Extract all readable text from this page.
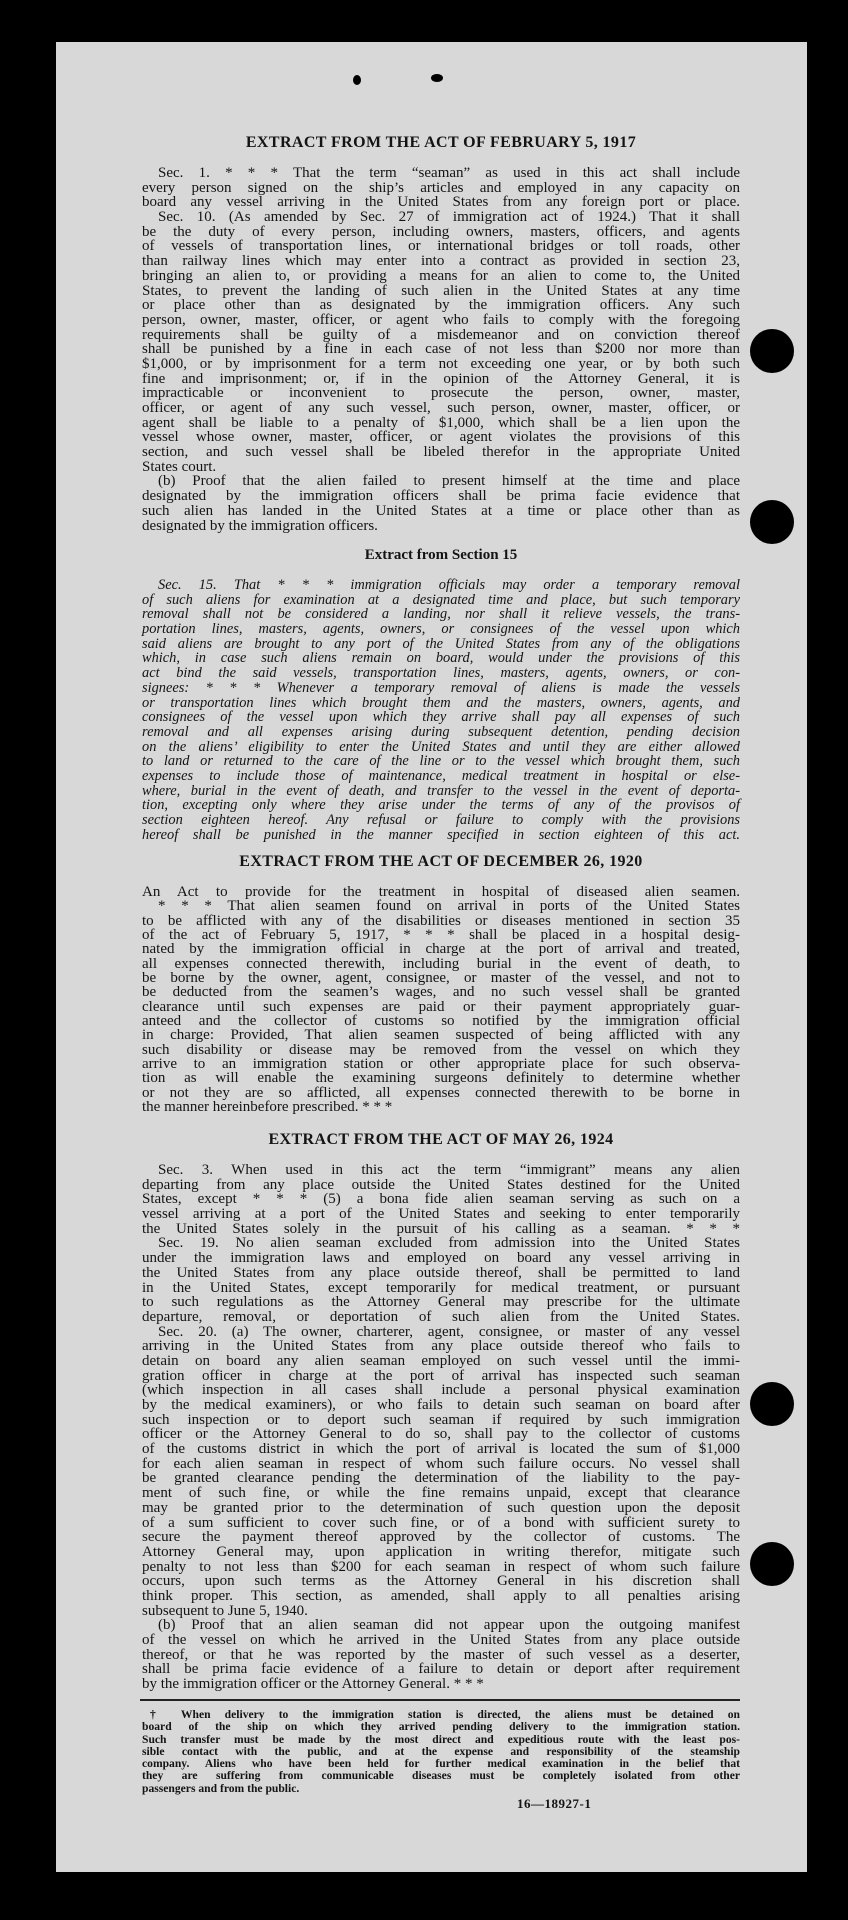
EXTRACT FROM THE ACT OF FEBRUARY 5, 1917
Sec. 1. * * * That the term “seaman” as used in this act shall include
every person signed on the ship’s articles and employed in any capacity on
board any vessel arriving in the United States from any foreign port or place.
Sec. 10. (As amended by Sec. 27 of immigration act of 1924.) That it shall
be the duty of every person, including owners, masters, officers, and agents
of vessels of transportation lines, or international bridges or toll roads, other
than railway lines which may enter into a contract as provided in section 23,
bringing an alien to, or providing a means for an alien to come to, the United
States, to prevent the landing of such alien in the United States at any time
or place other than as designated by the immigration officers. Any such
person, owner, master, officer, or agent who fails to comply with the foregoing
requirements shall be guilty of a misdemeanor and on conviction thereof
shall be punished by a fine in each case of not less than $200 nor more than
$1,000, or by imprisonment for a term not exceeding one year, or by both such
fine and imprisonment; or, if in the opinion of the Attorney General, it is
impracticable or inconvenient to prosecute the person, owner, master,
officer, or agent of any such vessel, such person, owner, master, officer, or
agent shall be liable to a penalty of $1,000, which shall be a lien upon the
vessel whose owner, master, officer, or agent violates the provisions of this
section, and such vessel shall be libeled therefor in the appropriate United
States court.
(b) Proof that the alien failed to present himself at the time and place
designated by the immigration officers shall be prima facie evidence that
such alien has landed in the United States at a time or place other than as
designated by the immigration officers.
Extract from Section 15
Sec. 15. That * * * immigration officials may order a temporary removal
of such aliens for examination at a designated time and place, but such temporary
removal shall not be considered a landing, nor shall it relieve vessels, the trans-
portation lines, masters, agents, owners, or consignees of the vessel upon which
said aliens are brought to any port of the United States from any of the obligations
which, in case such aliens remain on board, would under the provisions of this
act bind the said vessels, transportation lines, masters, agents, owners, or con-
signees: * * * Whenever a temporary removal of aliens is made the vessels
or transportation lines which brought them and the masters, owners, agents, and
consignees of the vessel upon which they arrive shall pay all expenses of such
removal and all expenses arising during subsequent detention, pending decision
on the aliens’ eligibility to enter the United States and until they are either allowed
to land or returned to the care of the line or to the vessel which brought them, such
expenses to include those of maintenance, medical treatment in hospital or else-
where, burial in the event of death, and transfer to the vessel in the event of deporta-
tion, excepting only where they arise under the terms of any of the provisos of
section eighteen hereof. Any refusal or failure to comply with the provisions
hereof shall be punished in the manner specified in section eighteen of this act.
EXTRACT FROM THE ACT OF DECEMBER 26, 1920
An Act to provide for the treatment in hospital of diseased alien seamen.
* * * That alien seamen found on arrival in ports of the United States
to be afflicted with any of the disabilities or diseases mentioned in section 35
of the act of February 5, 1917, * * * shall be placed in a hospital desig-
nated by the immigration official in charge at the port of arrival and treated,
all expenses connected therewith, including burial in the event of death, to
be borne by the owner, agent, consignee, or master of the vessel, and not to
be deducted from the seamen’s wages, and no such vessel shall be granted
clearance until such expenses are paid or their payment appropriately guar-
anteed and the collector of customs so notified by the immigration official
in charge: Provided, That alien seamen suspected of being afflicted with any
such disability or disease may be removed from the vessel on which they
arrive to an immigration station or other appropriate place for such observa-
tion as will enable the examining surgeons definitely to determine whether
or not they are so afflicted, all expenses connected therewith to be borne in
the manner hereinbefore prescribed. * * *
EXTRACT FROM THE ACT OF MAY 26, 1924
Sec. 3. When used in this act the term “immigrant” means any alien
departing from any place outside the United States destined for the United
States, except * * * (5) a bona fide alien seaman serving as such on a
vessel arriving at a port of the United States and seeking to enter temporarily
the United States solely in the pursuit of his calling as a seaman. * * *
Sec. 19. No alien seaman excluded from admission into the United States
under the immigration laws and employed on board any vessel arriving in
the United States from any place outside thereof, shall be permitted to land
in the United States, except temporarily for medical treatment, or pursuant
to such regulations as the Attorney General may prescribe for the ultimate
departure, removal, or deportation of such alien from the United States.
Sec. 20. (a) The owner, charterer, agent, consignee, or master of any vessel
arriving in the United States from any place outside thereof who fails to
detain on board any alien seaman employed on such vessel until the immi-
gration officer in charge at the port of arrival has inspected such seaman
(which inspection in all cases shall include a personal physical examination
by the medical examiners), or who fails to detain such seaman on board after
such inspection or to deport such seaman if required by such immigration
officer or the Attorney General to do so, shall pay to the collector of customs
of the customs district in which the port of arrival is located the sum of $1,000
for each alien seaman in respect of whom such failure occurs. No vessel shall
be granted clearance pending the determination of the liability to the pay-
ment of such fine, or while the fine remains unpaid, except that clearance
may be granted prior to the determination of such question upon the deposit
of a sum sufficient to cover such fine, or of a bond with sufficient surety to
secure the payment thereof approved by the collector of customs. The
Attorney General may, upon application in writing therefor, mitigate such
penalty to not less than $200 for each seaman in respect of whom such failure
occurs, upon such terms as the Attorney General in his discretion shall
think proper. This section, as amended, shall apply to all penalties arising
subsequent to June 5, 1940.
(b) Proof that an alien seaman did not appear upon the outgoing manifest
of the vessel on which he arrived in the United States from any place outside
thereof, or that he was reported by the master of such vessel as a deserter,
shall be prima facie evidence of a failure to detain or deport after requirement
by the immigration officer or the Attorney General. * * *
† When delivery to the immigration station is directed, the aliens must be detained on
board of the ship on which they arrived pending delivery to the immigration station.
Such transfer must be made by the most direct and expeditious route with the least pos-
sible contact with the public, and at the expense and responsibility of the steamship
company. Aliens who have been held for further medical examination in the belief that
they are suffering from communicable diseases must be completely isolated from other
passengers and from the public.
16—18927-1
